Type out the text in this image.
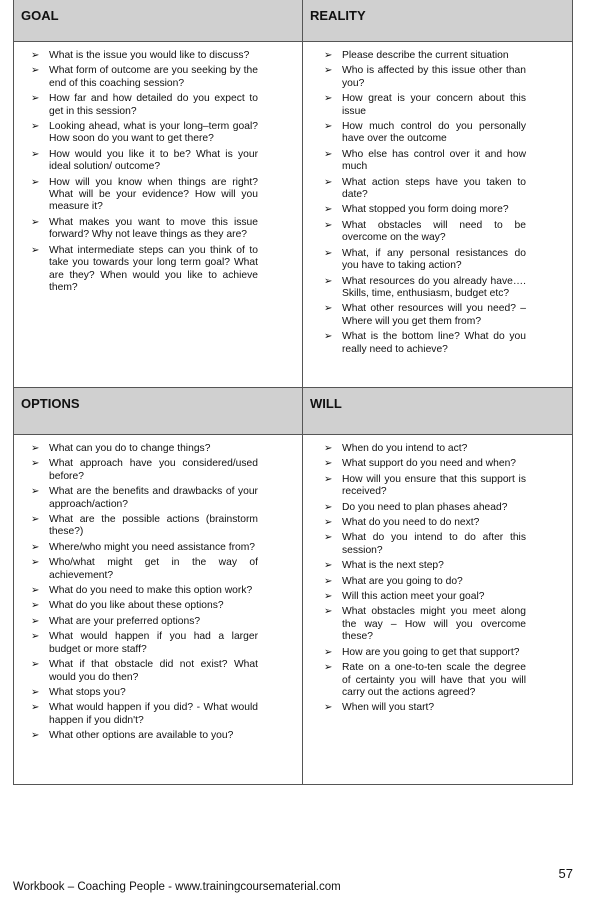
GOAL	REALITY
➢ What is the issue you would like to discuss?
➢ What form of outcome are you seeking by the end of this coaching session?
➢ How far and how detailed do you expect to get in this session?
➢ Looking ahead, what is your long–term goal? How soon do you want to get there?
➢ How would you like it to be? What is your ideal solution/ outcome?
➢ How will you know when things are right? What will be your evidence? How will you measure it?
➢ What makes you want to move this issue forward? Why not leave things as they are?
➢ What intermediate steps can you think of to take you towards your long term goal? What are they? When would you like to achieve them?
➢ Please describe the current situation
➢ Who is affected by this issue other than you?
➢ How great is your concern about this issue
➢ How much control do you personally have over the outcome
➢ Who else has control over it and how much
➢ What action steps have you taken to date?
➢ What stopped you form doing more?
➢ What obstacles will need to be overcome on the way?
➢ What, if any personal resistances do you have to taking action?
➢ What resources do you already have…. Skills, time, enthusiasm, budget etc?
➢ What other resources will you need? – Where will you get them from?
➢ What is the bottom line? What do you really need to achieve?
OPTIONS	WILL
➢ What can you do to change things?
➢ What approach have you considered/used before?
➢ What are the benefits and drawbacks of your approach/action?
➢ What are the possible actions (brainstorm these?)
➢ Where/who might you need assistance from?
➢ Who/what might get in the way of achievement?
➢ What do you need to make this option work?
➢ What do you like about these options?
➢ What are your preferred options?
➢ What would happen if you had a larger budget or more staff?
➢ What if that obstacle did not exist? What would you do then?
➢ What stops you?
➢ What would happen if you did? - What would happen if you didn't?
➢ What other options are available to you?
➢ When do you intend to act?
➢ What support do you need and when?
➢ How will you ensure that this support is received?
➢ Do you need to plan phases ahead?
➢ What do you need to do next?
➢ What do you intend to do after this session?
➢ What is the next step?
➢ What are you going to do?
➢ Will this action meet your goal?
➢ What obstacles might you meet along the way – How will you overcome these?
➢ How are you going to get that support?
➢ Rate on a one-to-ten scale the degree of certainty you will have that you will carry out the actions agreed?
➢ When will you start?
57
Workbook – Coaching People - www.trainingcoursematerial.com
